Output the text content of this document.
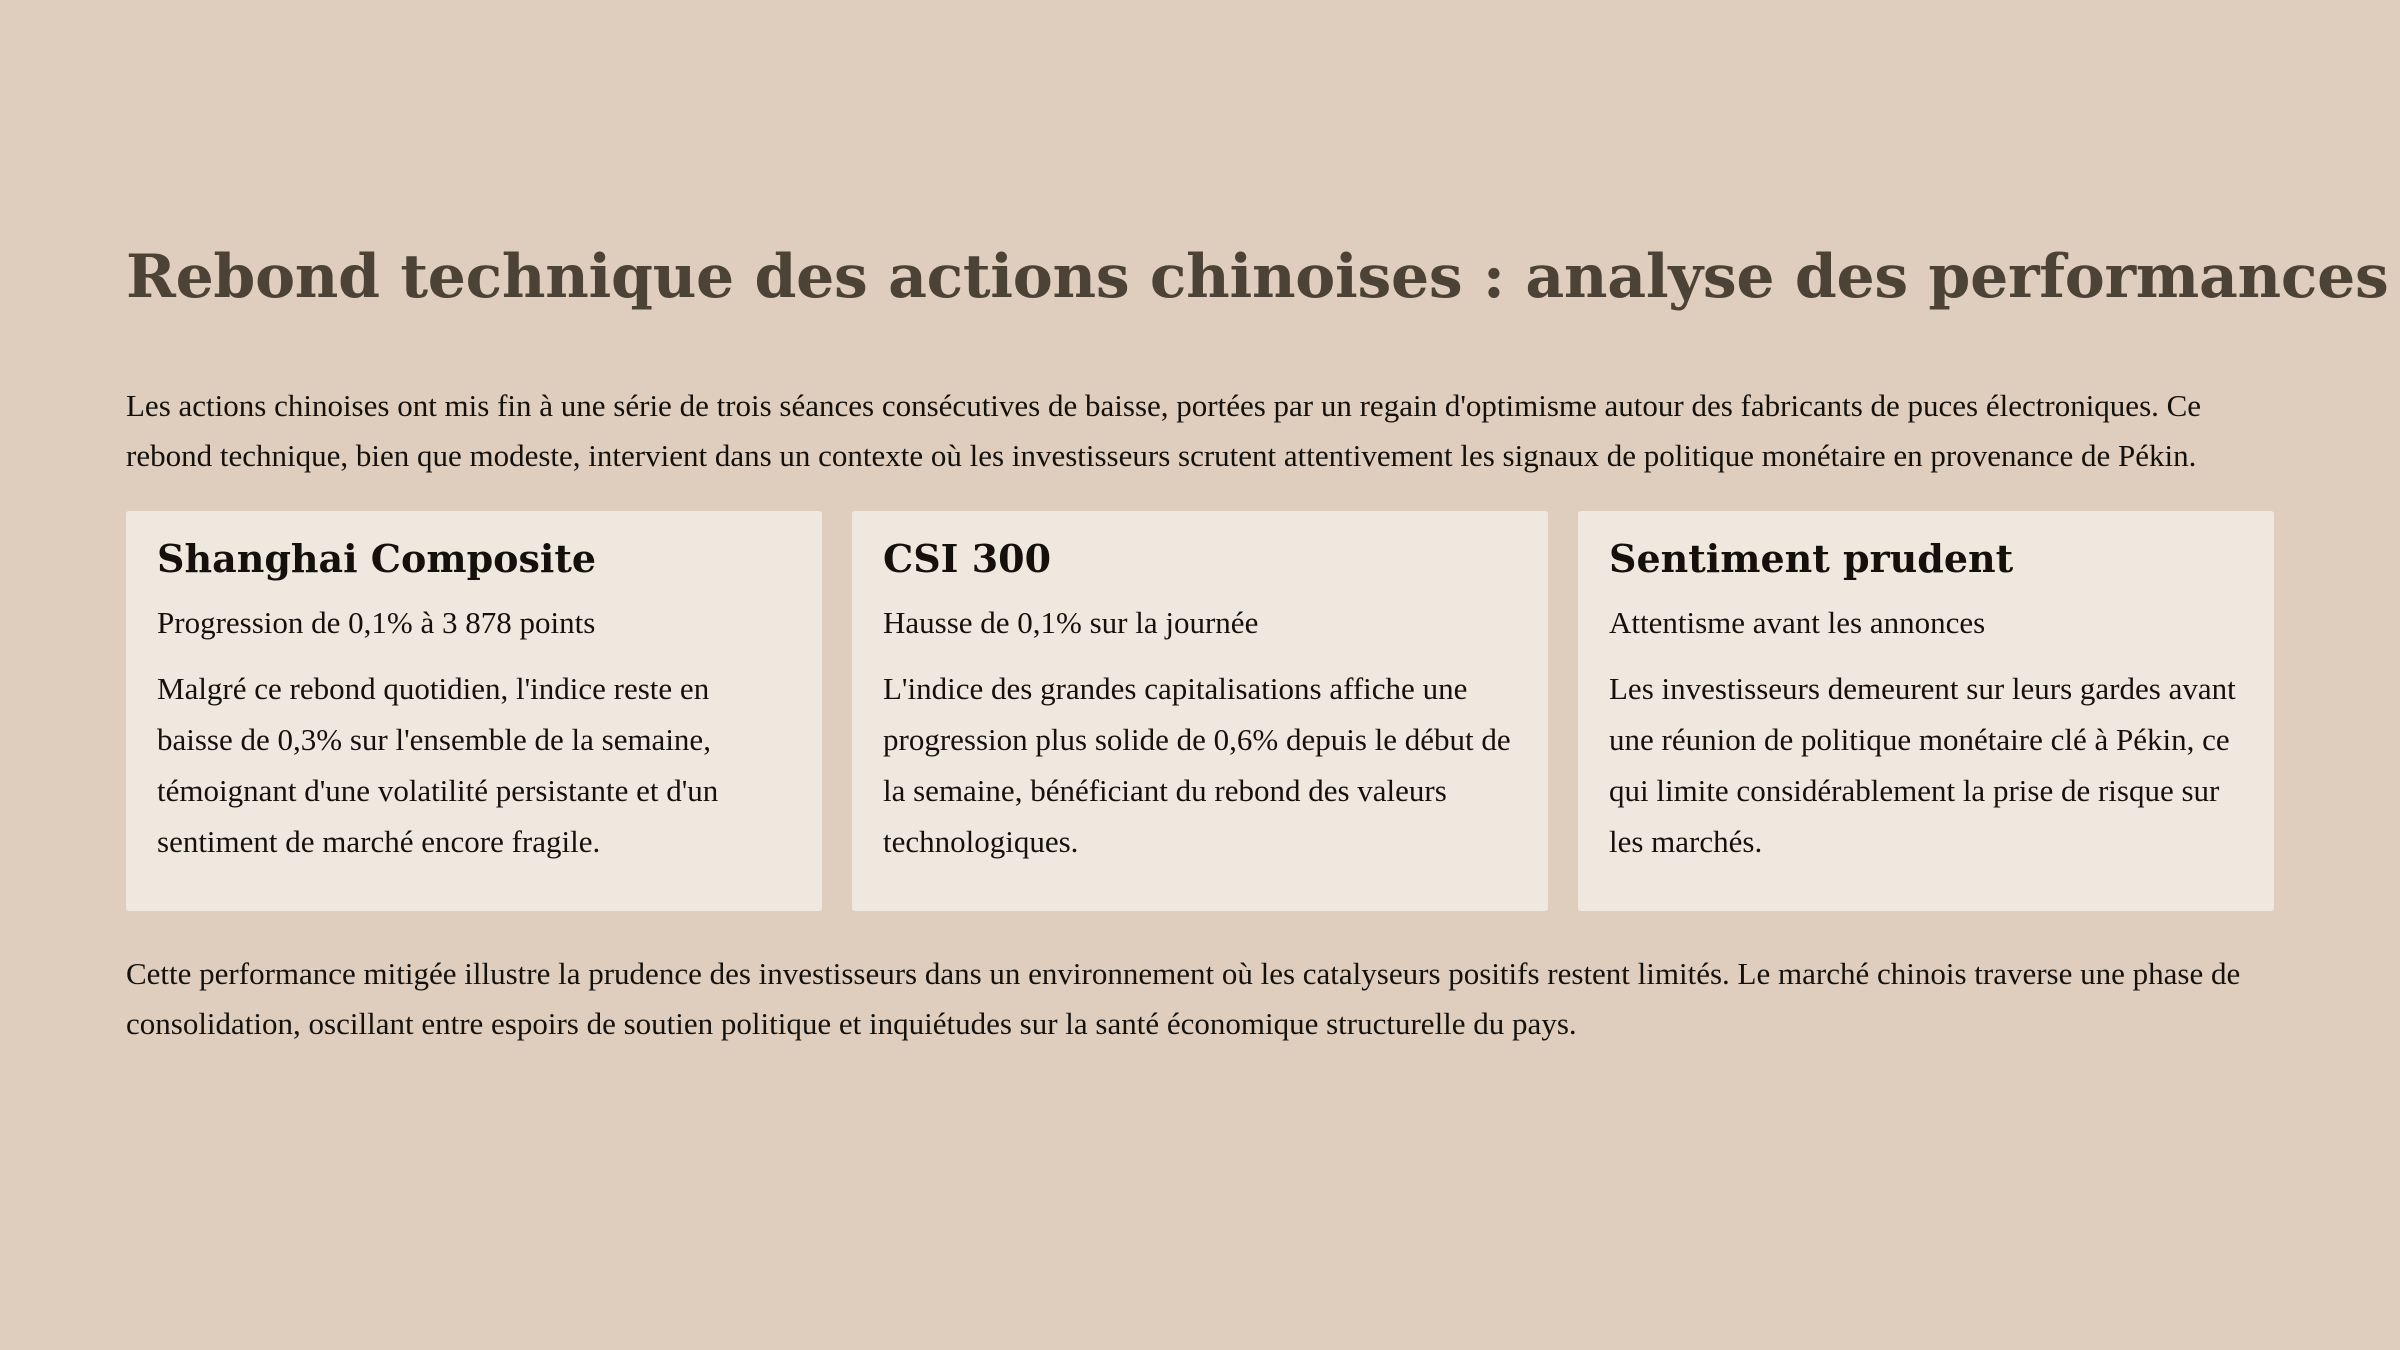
Rebond technique des actions chinoises : analyse des performances

Les actions chinoises ont mis fin à une série de trois séances consécutives de baisse, portées par un regain d'optimisme autour des fabricants de puces électroniques. Ce rebond technique, bien que modeste, intervient dans un contexte où les investisseurs scrutent attentivement les signaux de politique monétaire en provenance de Pékin.

Shanghai Composite

Progression de 0,1% à 3 878 points

Malgré ce rebond quotidien, l'indice reste en baisse de 0,3% sur l'ensemble de la semaine, témoignant d'une volatilité persistante et d'un sentiment de marché encore fragile.

CSI 300

Hausse de 0,1% sur la journée

L'indice des grandes capitalisations affiche une progression plus solide de 0,6% depuis le début de la semaine, bénéficiant du rebond des valeurs technologiques.

Sentiment prudent

Attentisme avant les annonces

Les investisseurs demeurent sur leurs gardes avant une réunion de politique monétaire clé à Pékin, ce qui limite considérablement la prise de risque sur les marchés.

Cette performance mitigée illustre la prudence des investisseurs dans un environnement où les catalyseurs positifs restent limités. Le marché chinois traverse une phase de consolidation, oscillant entre espoirs de soutien politique et inquiétudes sur la santé économique structurelle du pays.
